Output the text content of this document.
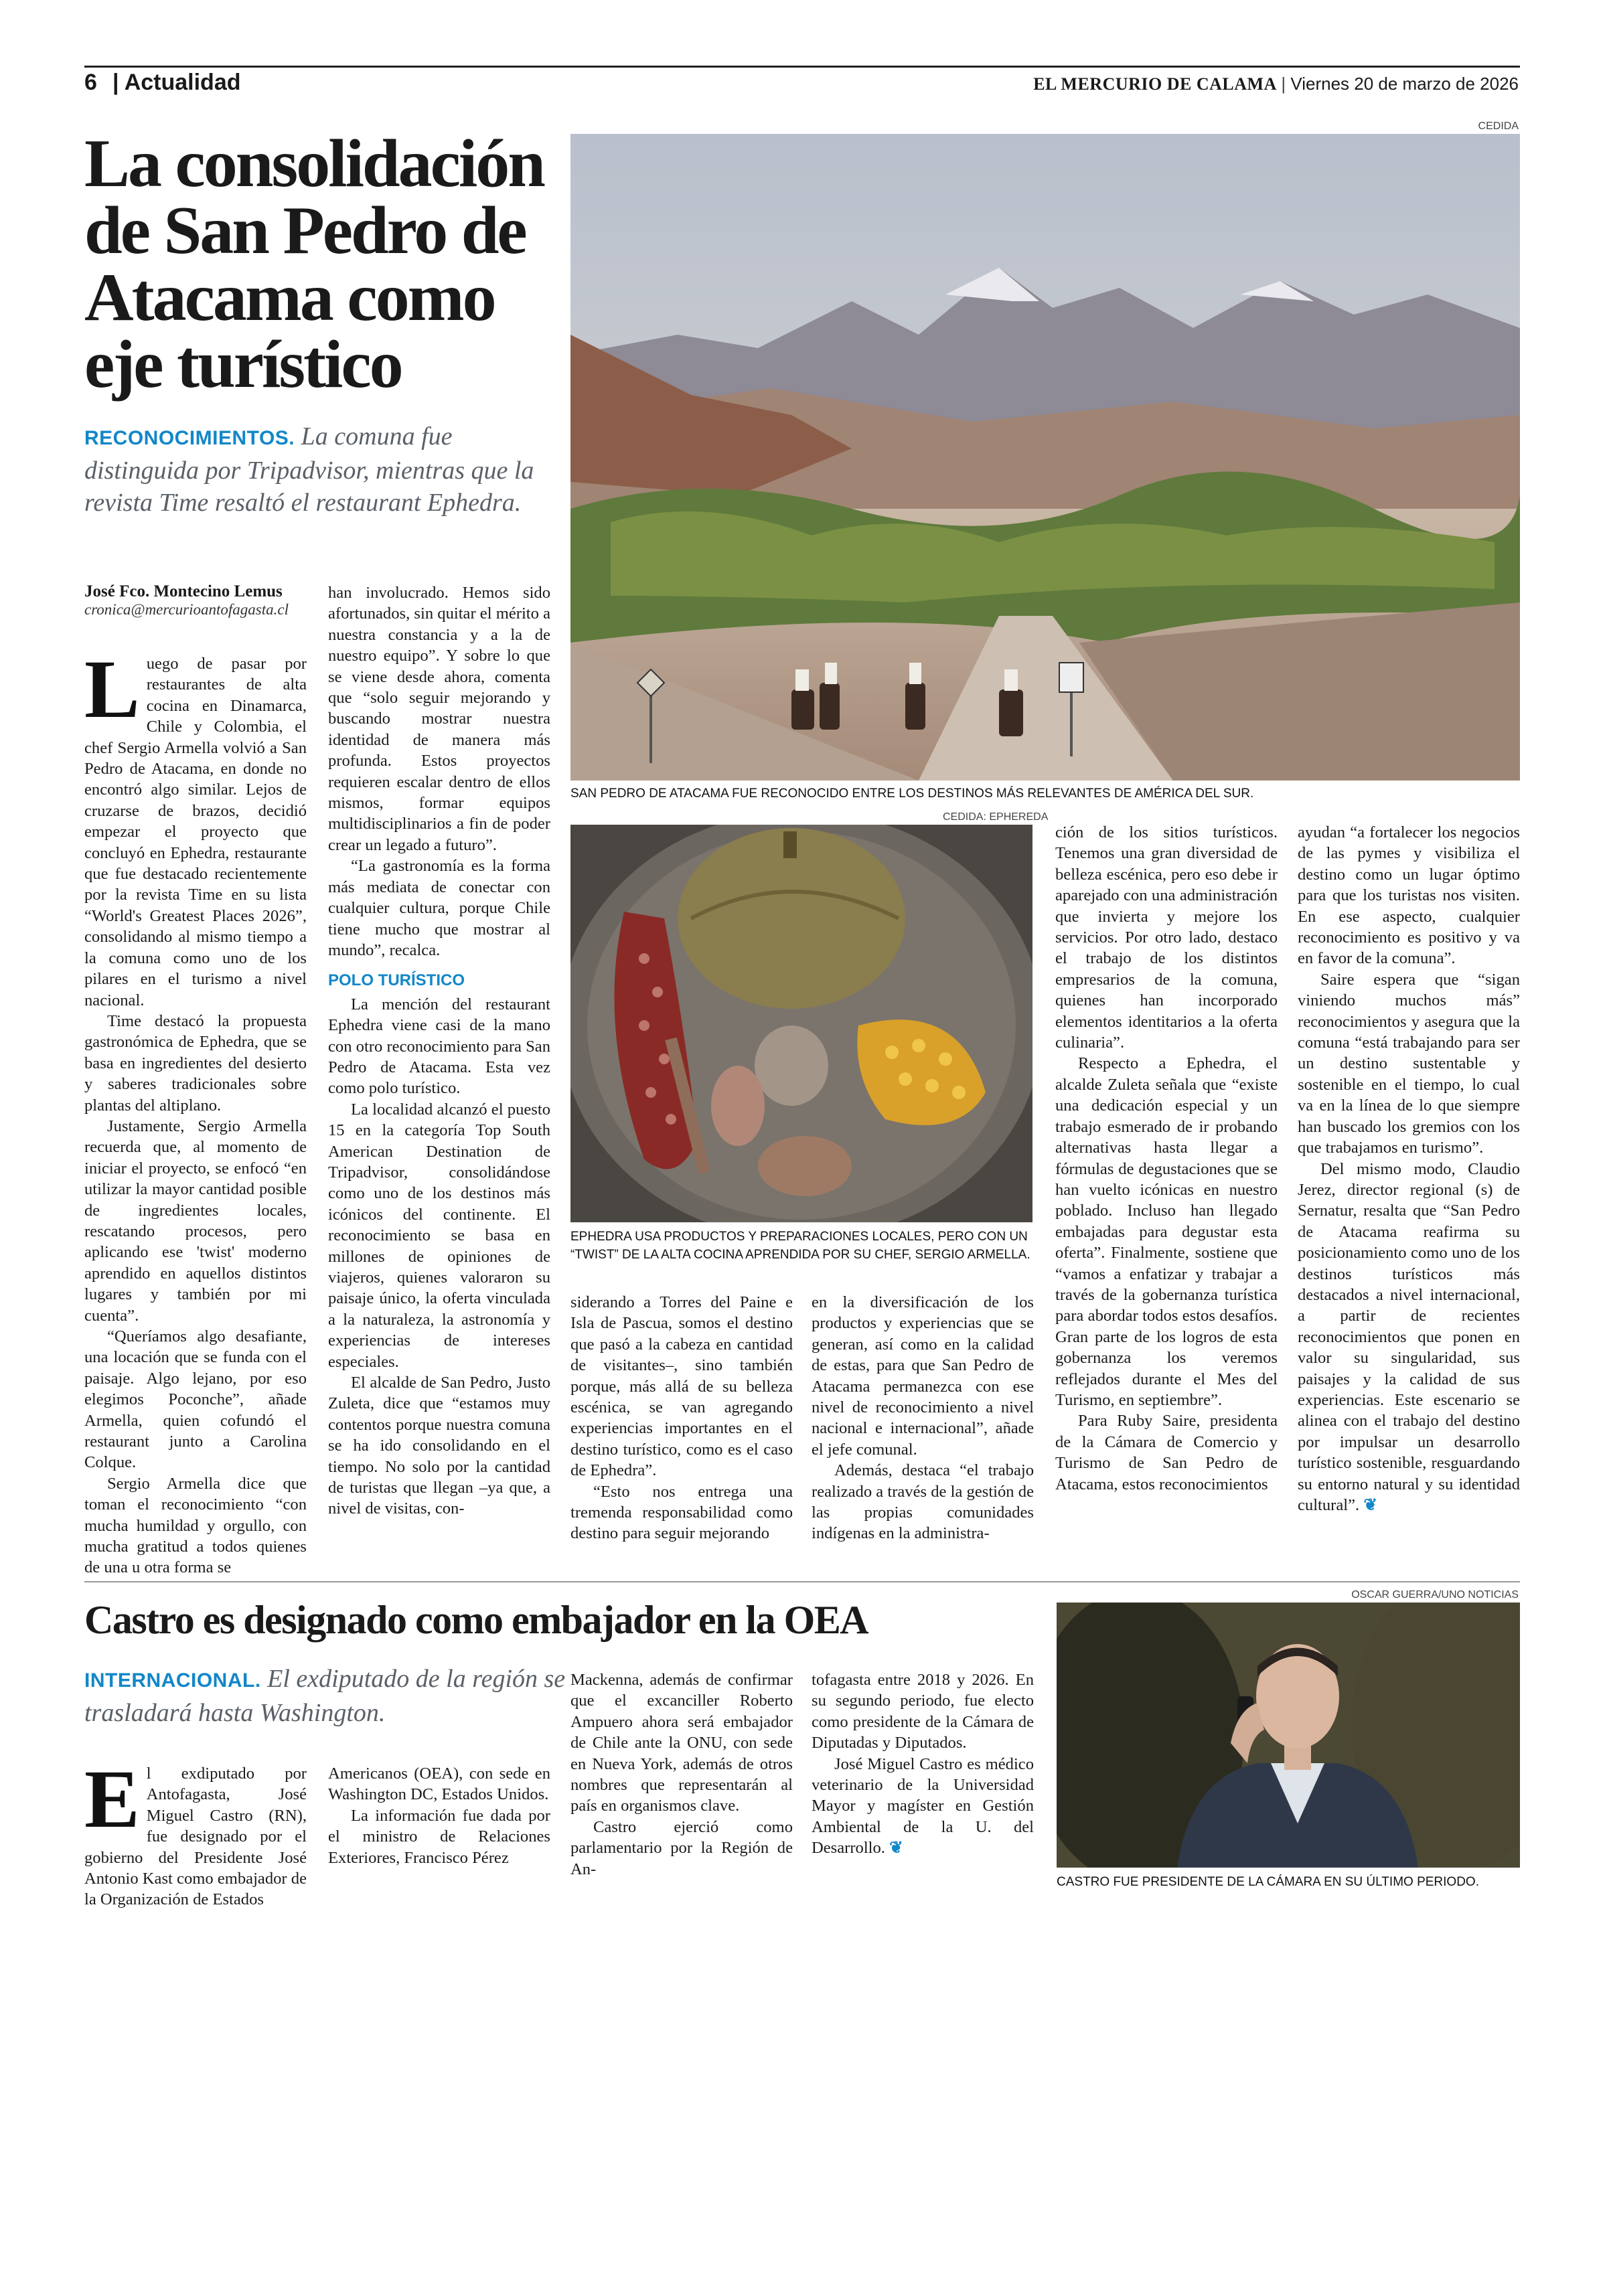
6 | Actualidad	EL MERCURIO DE CALAMA | Viernes 20 de marzo de 2026
La consolidación de San Pedro de Atacama como eje turístico
RECONOCIMIENTOS. La comuna fue distinguida por Tripadvisor, mientras que la revista Time resaltó el restaurant Ephedra.
José Fco. Montecino Lemus
cronica@mercurioantofagasta.cl
CEDIDA
SAN PEDRO DE ATACAMA FUE RECONOCIDO ENTRE LOS DESTINOS MÁS RELEVANTES DE AMÉRICA DEL SUR.
CEDIDA: EPHEREDA
EPHEDRA USA PRODUCTOS Y PREPARACIONES LOCALES, PERO CON UN “TWIST” DE LA ALTA COCINA APRENDIDA POR SU CHEF, SERGIO ARMELLA.

Luego de pasar por restaurantes de alta cocina en Dinamarca, Chile y Colombia, el chef Sergio Armella volvió a San Pedro de Atacama, en donde no encontró algo similar. Lejos de cruzarse de brazos, decidió empezar el proyecto que concluyó en Ephedra, restaurante que fue destacado recientemente por la revista Time en su lista “World's Greatest Places 2026”, consolidando al mismo tiempo a la comuna como uno de los pilares en el turismo a nivel nacional.

Time destacó la propuesta gastronómica de Ephedra, que se basa en ingredientes del desierto y saberes tradicionales sobre plantas del altiplano.

Justamente, Sergio Armella recuerda que, al momento de iniciar el proyecto, se enfocó “en utilizar la mayor cantidad posible de ingredientes locales, rescatando procesos, pero aplicando ese 'twist' moderno aprendido en aquellos distintos lugares y también por mi cuenta”.

“Queríamos algo desafiante, una locación que se funda con el paisaje. Algo lejano, por eso elegimos Poconche”, añade Armella, quien cofundó el restaurant junto a Carolina Colque.

Sergio Armella dice que toman el reconocimiento “con mucha humildad y orgullo, con mucha gratitud a todos quienes de una u otra forma se

han involucrado. Hemos sido afortunados, sin quitar el mérito a nuestra constancia y a la de nuestro equipo”. Y sobre lo que se viene desde ahora, comenta que “solo seguir mejorando y buscando mostrar nuestra identidad de manera más profunda. Estos proyectos requieren escalar dentro de ellos mismos, formar equipos multidisciplinarios a fin de poder crear un legado a futuro”.

“La gastronomía es la forma más mediata de conectar con cualquier cultura, porque Chile tiene mucho que mostrar al mundo”, recalca.

POLO TURÍSTICO

La mención del restaurant Ephedra viene casi de la mano con otro reconocimiento para San Pedro de Atacama. Esta vez como polo turístico.

La localidad alcanzó el puesto 15 en la categoría Top South American Destination de Tripadvisor, consolidándose como uno de los destinos más icónicos del continente. El reconocimiento se basa en millones de opiniones de viajeros, quienes valoraron su paisaje único, la oferta vinculada a la naturaleza, la astronomía y experiencias de intereses especiales.

El alcalde de San Pedro, Justo Zuleta, dice que “estamos muy contentos porque nuestra comuna se ha ido consolidando en el tiempo. No solo por la cantidad de turistas que llegan –ya que, a nivel de visitas, con-

siderando a Torres del Paine e Isla de Pascua, somos el destino que pasó a la cabeza en cantidad de visitantes–, sino también porque, más allá de su belleza escénica, se van agregando experiencias importantes en el destino turístico, como es el caso de Ephedra”.

“Esto nos entrega una tremenda responsabilidad como destino para seguir mejorando

en la diversificación de los productos y experiencias que se generan, así como en la calidad de estas, para que San Pedro de Atacama permanezca con ese nivel de reconocimiento a nivel nacional e internacional”, añade el jefe comunal.

Además, destaca “el trabajo realizado a través de la gestión de las propias comunidades indígenas en la administra-

ción de los sitios turísticos. Tenemos una gran diversidad de belleza escénica, pero eso debe ir aparejado con una administración que invierta y mejore los servicios. Por otro lado, destaco el trabajo de los distintos empresarios de la comuna, quienes han incorporado elementos identitarios a la oferta culinaria”.

Respecto a Ephedra, el alcalde Zuleta señala que “existe una dedicación especial y un trabajo esmerado de ir probando alternativas hasta llegar a fórmulas de degustaciones que se han vuelto icónicas en nuestro poblado. Incluso han llegado embajadas para degustar esta oferta”. Finalmente, sostiene que “vamos a enfatizar y trabajar a través de la gobernanza turística para abordar todos estos desafíos. Gran parte de los logros de esta gobernanza los veremos reflejados durante el Mes del Turismo, en septiembre”.

Para Ruby Saire, presidenta de la Cámara de Comercio y Turismo de San Pedro de Atacama, estos reconocimientos

ayudan “a fortalecer los negocios de las pymes y visibiliza el destino como un lugar óptimo para que los turistas nos visiten. En ese aspecto, cualquier reconocimiento es positivo y va en favor de la comuna”.

Saire espera que “sigan viniendo muchos más” reconocimientos y asegura que la comuna “está trabajando para ser un destino sustentable y sostenible en el tiempo, lo cual va en la línea de lo que siempre han buscado los gremios con los que trabajamos en turismo”.

Del mismo modo, Claudio Jerez, director regional (s) de Sernatur, resalta que “San Pedro de Atacama reafirma su posicionamiento como uno de los destinos turísticos más destacados a nivel internacional, a partir de recientes reconocimientos que ponen en valor su singularidad, sus paisajes y la calidad de sus experiencias. Este escenario se alinea con el trabajo del destino por impulsar un desarrollo turístico sostenible, resguardando su entorno natural y su identidad cultural”. ❦

Castro es designado como embajador en la OEA
INTERNACIONAL. El exdiputado de la región se trasladará hasta Washington.

El exdiputado por Antofagasta, José Miguel Castro (RN), fue designado por el gobierno del Presidente José Antonio Kast como embajador de la Organización de Estados

Americanos (OEA), con sede en Washington DC, Estados Unidos.

La información fue dada por el ministro de Relaciones Exteriores, Francisco Pérez

Mackenna, además de confirmar que el excanciller Roberto Ampuero ahora será embajador de Chile ante la ONU, con sede en Nueva York, además de otros nombres que representarán al país en organismos clave.

Castro ejerció como parlamentario por la Región de An-

tofagasta entre 2018 y 2026. En su segundo periodo, fue electo como presidente de la Cámara de Diputadas y Diputados.

José Miguel Castro es médico veterinario de la Universidad Mayor y magíster en Gestión Ambiental de la U. del Desarrollo. ❦

OSCAR GUERRA/UNO NOTICIAS
CASTRO FUE PRESIDENTE DE LA CÁMARA EN SU ÚLTIMO PERIODO.
